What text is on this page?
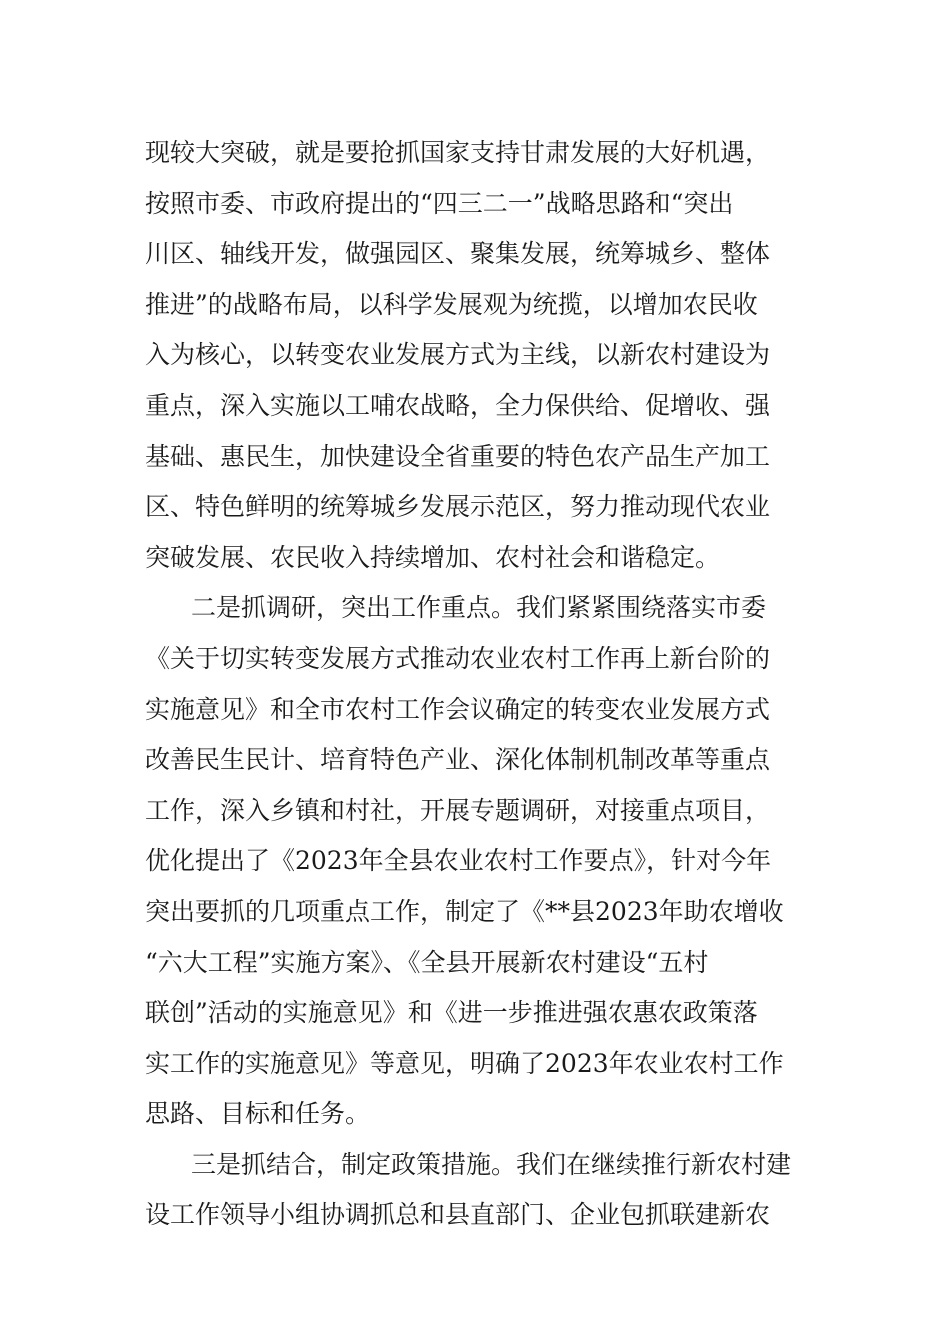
现较大突破，就是要抢抓国家支持甘肃发展的大好机遇，
按照市委、市政府提出的“四三二一”战略思路和“突出
川区、轴线开发，做强园区、聚集发展，统筹城乡、整体
推进”的战略布局，以科学发展观为统揽，以增加农民收
入为核心，以转变农业发展方式为主线，以新农村建设为
重点，深入实施以工哺农战略，全力保供给、促增收、强
基础、惠民生，加快建设全省重要的特色农产品生产加工
区、特色鲜明的统筹城乡发展示范区，努力推动现代农业
突破发展、农民收入持续增加、农村社会和谐稳定。
二是抓调研，突出工作重点。我们紧紧围绕落实市委
《关于切实转变发展方式推动农业农村工作再上新台阶的
实施意见》和全市农村工作会议确定的转变农业发展方式
改善民生民计、培育特色产业、深化体制机制改革等重点
工作，深入乡镇和村社，开展专题调研，对接重点项目，
优化提出了《2023年全县农业农村工作要点》，针对今年
突出要抓的几项重点工作，制定了《**县2023年助农增收
“六大工程”实施方案》、《全县开展新农村建设“五村
联创”活动的实施意见》和《进一步推进强农惠农政策落
实工作的实施意见》等意见，明确了2023年农业农村工作
思路、目标和任务。
三是抓结合，制定政策措施。我们在继续推行新农村建
设工作领导小组协调抓总和县直部门、企业包抓联建新农
